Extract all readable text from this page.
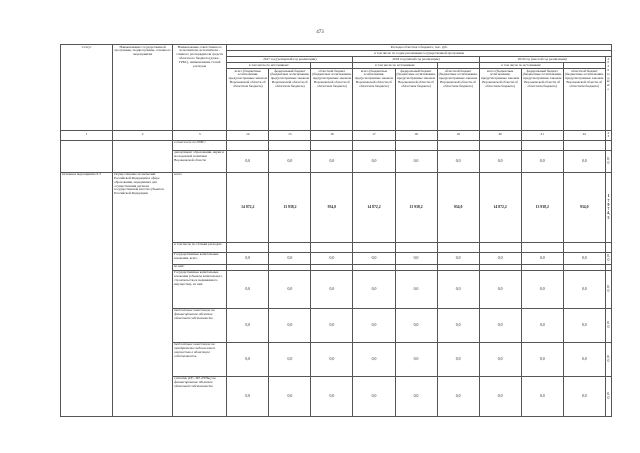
473
Статус	Наименование государственной программы, подпрограммы, основного мероприятия	Наименование ответственного исполнителя, исполнителя - главного распорядителя средств областного бюджета (далее - ГРБС), наименование статей расходов	Расходы областного бюджета, тыс. руб.									
			в том числе по годам реализации государственной программы									
			2017 год (четвертый год реализации)			2018 год (пятый год реализации)			2019 год (шестой год реализации)			2020 год, всего
			в том числе по источникам:			в том числе по источникам:			в том числе по источникам:			
			всего (бюджетные ассигнования, предусмотренные законом Воронежской области об областном бюджете)	федеральный бюджет (бюджетные ассигнования, предусмотренные законом Воронежской области об областном бюджете)	областной бюджет (бюджетные ассигнования, предусмотренные законом Воронежской области об областном бюджете)	всего (бюджетные ассигнования, предусмотренные законом Воронежской области об областном бюджете)	федеральный бюджет (бюджетные ассигнования, предусмотренные законом Воронежской области об областном бюджете)	областной бюджет (бюджетные ассигнования, предусмотренные законом Воронежской области об областном бюджете)	всего (бюджетные ассигнования, предусмотренные законом Воронежской области об областном бюджете)	федеральный бюджет (бюджетные ассигнования, предусмотренные законом Воронежской области об областном бюджете)	областной бюджет (бюджетные ассигнования, предусмотренные законом Воронежской области об областном бюджете)	
1	2	3	14	15	16	17	18	19	20	21	22	23
		в том числе по ГРБС:										
		департамент образования, науки и молодежной политики Воронежской области	0,0	0,0	0,0	0,0	0,0	0,0	0,0	0,0	0,0	0,0
Основное мероприятие 6.3	Осуществление полномочий Российской Федерации в сфере образования, переданных для осуществления органам государственной власти субъектов Российской Федерации	всего	14 872,2	13 938,2	934,0	14 872,2	13 938,2	934,0	14 872,2	13 938,2	934,0	17 974,5
		в том числе по статьям расходов:										
		Государственные капитальные вложения, всего	0,0	0,0	0,0	0,0	0,0	0,0	0,0	0,0	0,0	0,0
		из них:										
		Государственные капитальные вложения (объекты капитального строительства и недвижимого имущества), из них:	0,0	0,0	0,0	0,0	0,0	0,0	0,0	0,0	0,0	0,0
		бюджетные инвестиции на финансирование объектов областной собственности	0,0	0,0	0,0	0,0	0,0	0,0	0,0	0,0	0,0	0,0
		бюджетные инвестиции на приобретение недвижимого имущества в областную собственность	0,0	0,0	0,0	0,0	0,0	0,0	0,0	0,0	0,0	0,0
		субсидии (ПС, ИТ, РУПы) на финансирование объектов областной собственности	0,0	0,0	0,0	0,0	0,0	0,0	0,0	0,0	0,0	0,0
